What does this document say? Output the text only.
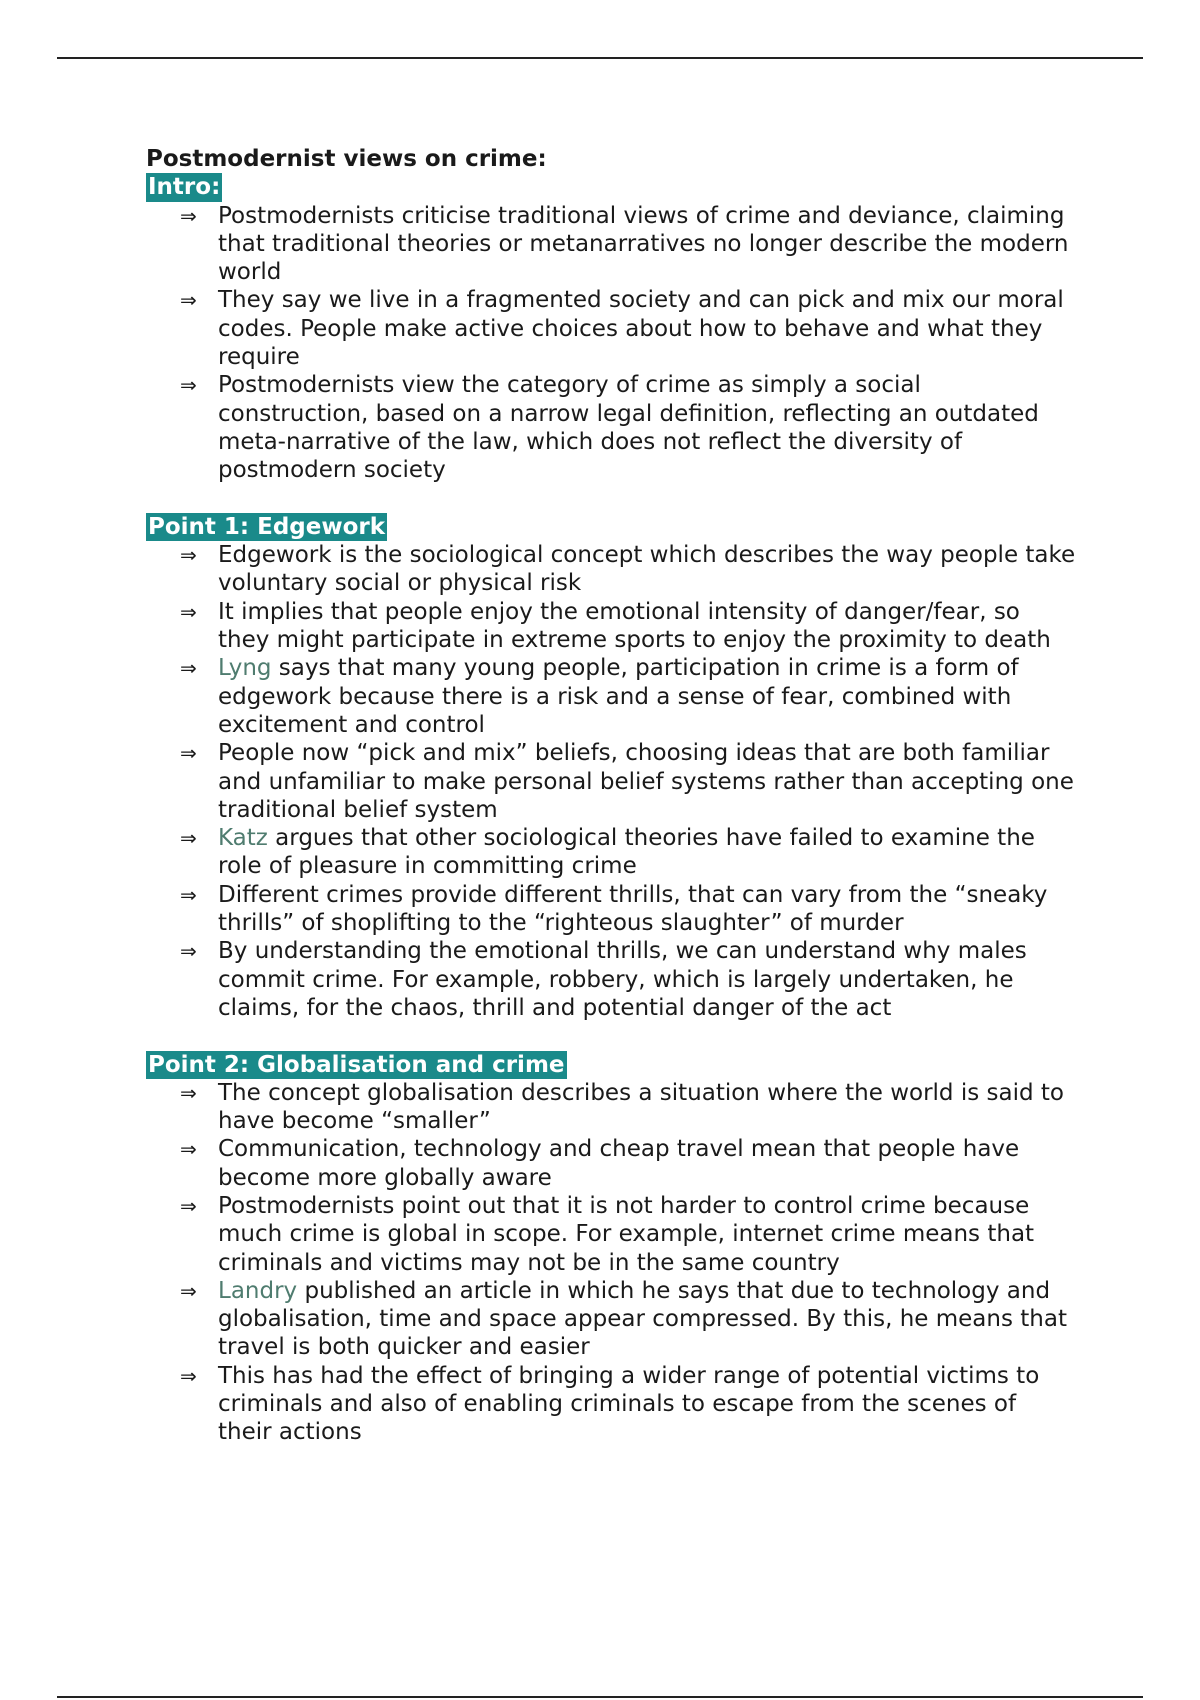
Postmodernist views on crime:

Intro:
⇒ Postmodernists criticise traditional views of crime and deviance, claiming that traditional theories or metanarratives no longer describe the modern world
⇒ They say we live in a fragmented society and can pick and mix our moral codes. People make active choices about how to behave and what they require
⇒ Postmodernists view the category of crime as simply a social construction, based on a narrow legal definition, reflecting an outdated meta-narrative of the law, which does not reflect the diversity of postmodern society
Point 1: Edgework
⇒ Edgework is the sociological concept which describes the way people take voluntary social or physical risk
⇒ It implies that people enjoy the emotional intensity of danger/fear, so they might participate in extreme sports to enjoy the proximity to death
⇒ Lyng says that many young people, participation in crime is a form of edgework because there is a risk and a sense of fear, combined with excitement and control
⇒ People now “pick and mix” beliefs, choosing ideas that are both familiar and unfamiliar to make personal belief systems rather than accepting one traditional belief system
⇒ Katz argues that other sociological theories have failed to examine the role of pleasure in committing crime
⇒ Different crimes provide different thrills, that can vary from the “sneaky thrills” of shoplifting to the “righteous slaughter” of murder
⇒ By understanding the emotional thrills, we can understand why males commit crime. For example, robbery, which is largely undertaken, he claims, for the chaos, thrill and potential danger of the act
Point 2: Globalisation and crime
⇒ The concept globalisation describes a situation where the world is said to have become “smaller”
⇒ Communication, technology and cheap travel mean that people have become more globally aware
⇒ Postmodernists point out that it is not harder to control crime because much crime is global in scope. For example, internet crime means that criminals and victims may not be in the same country
⇒ Landry published an article in which he says that due to technology and globalisation, time and space appear compressed. By this, he means that travel is both quicker and easier
⇒ This has had the effect of bringing a wider range of potential victims to criminals and also of enabling criminals to escape from the scenes of their actions
